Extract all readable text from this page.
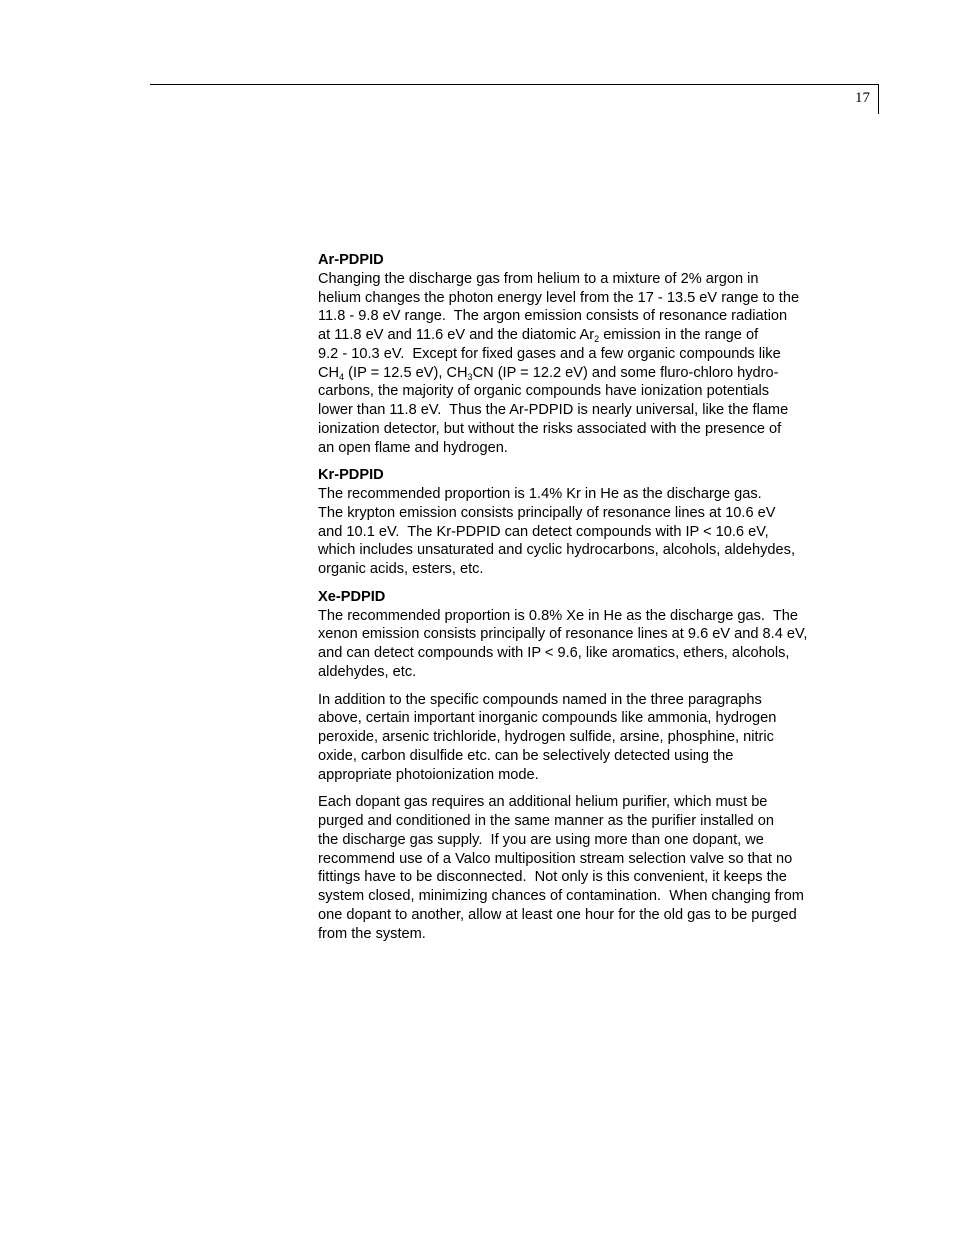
17

Ar-PDPID

Changing the discharge gas from helium to a mixture of 2% argon in
helium changes the photon energy level from the 17 - 13.5 eV range to the
11.8 - 9.8 eV range.  The argon emission consists of resonance radiation
at 11.8 eV and 11.6 eV and the diatomic $Ar_2$ emission in the range of
9.2 - 10.3 eV.  Except for fixed gases and a few organic compounds like
$CH_4$ (IP = 12.5 eV), $CH_3CN$ (IP = 12.2 eV) and some fluro-chloro hydro-
carbons, the majority of organic compounds have ionization potentials
lower than 11.8 eV.  Thus the Ar-PDPID is nearly universal, like the flame
ionization detector, but without the risks associated with the presence of
an open flame and hydrogen.

Kr-PDPID

The recommended proportion is 1.4% Kr in He as the discharge gas.
The krypton emission consists principally of resonance lines at 10.6 eV
and 10.1 eV.  The Kr-PDPID can detect compounds with IP < 10.6 eV,
which includes unsaturated and cyclic hydrocarbons, alcohols, aldehydes,
organic acids, esters, etc.

Xe-PDPID

The recommended proportion is 0.8% Xe in He as the discharge gas.  The
xenon emission consists principally of resonance lines at 9.6 eV and 8.4 eV,
and can detect compounds with IP < 9.6, like aromatics, ethers, alcohols,
aldehydes, etc.

In addition to the specific compounds named in the three paragraphs
above, certain important inorganic compounds like ammonia, hydrogen
peroxide, arsenic trichloride, hydrogen sulfide, arsine, phosphine, nitric
oxide, carbon disulfide etc. can be selectively detected using the
appropriate photoionization mode.

Each dopant gas requires an additional helium purifier, which must be
purged and conditioned in the same manner as the purifier installed on
the discharge gas supply.  If you are using more than one dopant, we
recommend use of a Valco multiposition stream selection valve so that no
fittings have to be disconnected.  Not only is this convenient, it keeps the
system closed, minimizing chances of contamination.  When changing from
one dopant to another, allow at least one hour for the old gas to be purged
from the system.
